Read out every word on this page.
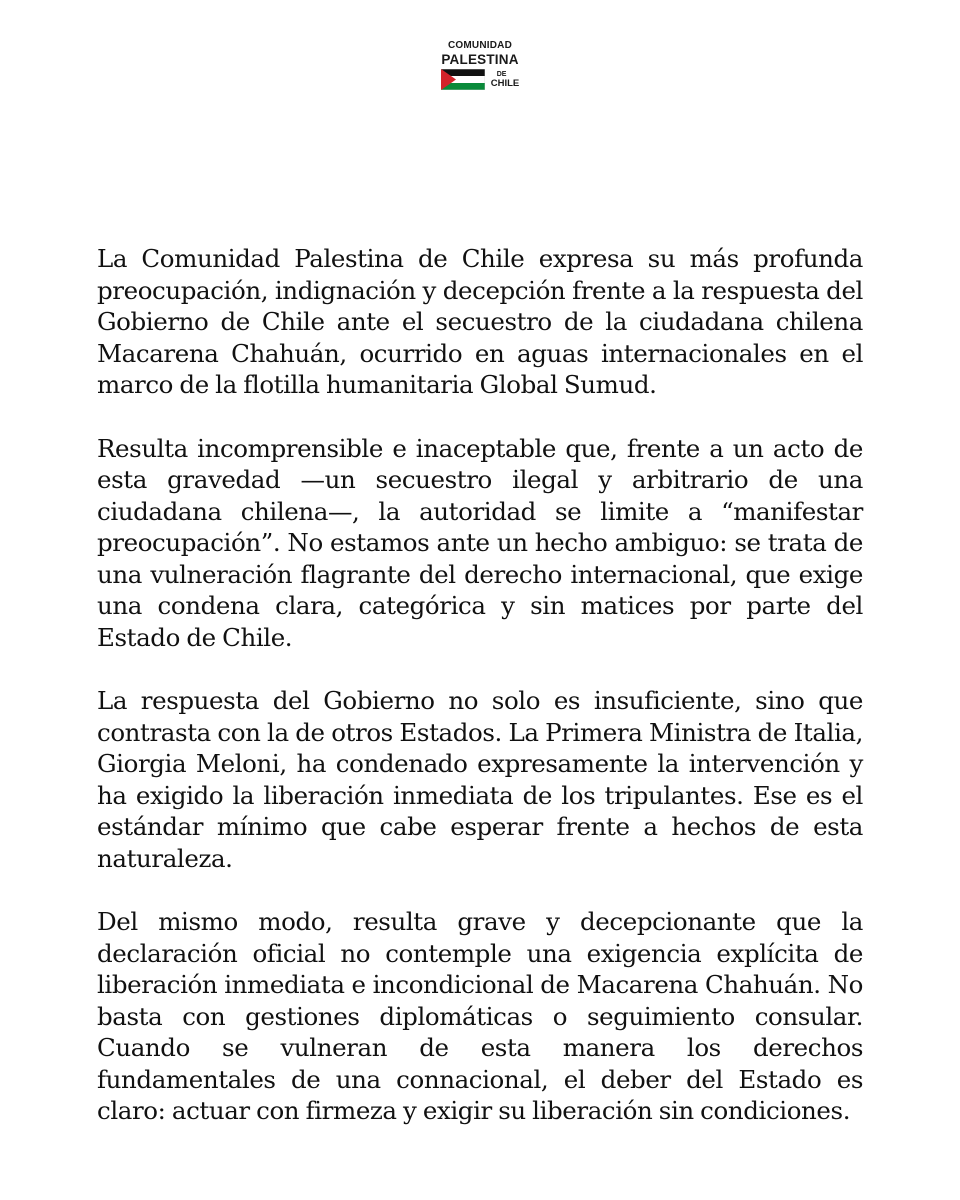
COMUNIDAD
PALESTINA
DE
CHILE

La Comunidad Palestina de Chile expresa su más profunda preocupación, indignación y decepción frente a la respuesta del Gobierno de Chile ante el secuestro de la ciudadana chilena Macarena Chahuán, ocurrido en aguas internacionales en el marco de la flotilla humanitaria Global Sumud.

Resulta incomprensible e inaceptable que, frente a un acto de esta gravedad —un secuestro ilegal y arbitrario de una ciudadana chilena—, la autoridad se limite a “manifestar preocupación”. No estamos ante un hecho ambiguo: se trata de una vulneración flagrante del derecho internacional, que exige una condena clara, categórica y sin matices por parte del Estado de Chile.

La respuesta del Gobierno no solo es insuficiente, sino que contrasta con la de otros Estados. La Primera Ministra de Italia, Giorgia Meloni, ha condenado expresamente la intervención y ha exigido la liberación inmediata de los tripulantes. Ese es el estándar mínimo que cabe esperar frente a hechos de esta naturaleza.

Del mismo modo, resulta grave y decepcionante que la declaración oficial no contemple una exigencia explícita de liberación inmediata e incondicional de Macarena Chahuán. No basta con gestiones diplomáticas o seguimiento consular. Cuando se vulneran de esta manera los derechos fundamentales de una connacional, el deber del Estado es claro: actuar con firmeza y exigir su liberación sin condiciones.
